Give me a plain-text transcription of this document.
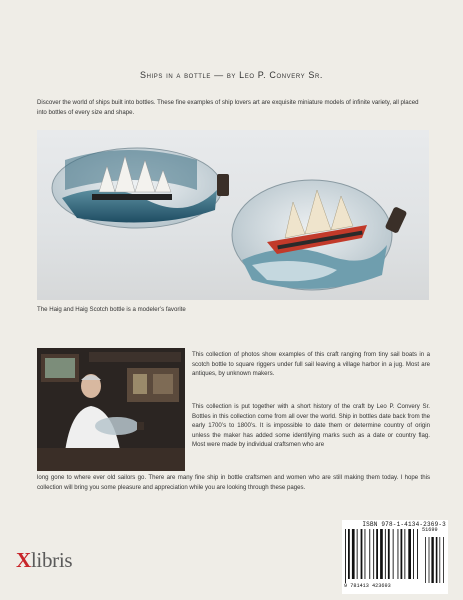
Ships in a bottle — by Leo P. Convery Sr.
Discover the world of ships built into bottles. These fine examples of ship lovers art are exquisite miniature models of infinite variety, all placed into bottles of every size and shape.
The Haig and Haig Scotch bottle is a modeler’s favorite
This collection of photos show examples of this craft ranging from tiny sail boats in a scotch bottle to square riggers under full sail leaving a village harbor in a jug. Most are antiques, by unknown makers.
This collection is put together with a short history of the craft by Leo P. Convery Sr. Bottles in this collection come from all over the world. Ship in bottles date back from the early 1700’s to 1800’s. It is impossible to date them or determine country of origin unless the maker has added some identifying marks such as a date or country flag. Most were made by individual craftsmen who are
long gone to where ever old sailors go. There are many fine ship in bottle craftsmen and women who are still making them today. I hope this collection will bring you some pleasure and appreciation while you are looking through these pages.
Xlibris
ISBN 978-1-4134-2369-3
9 781413 423693
51699
